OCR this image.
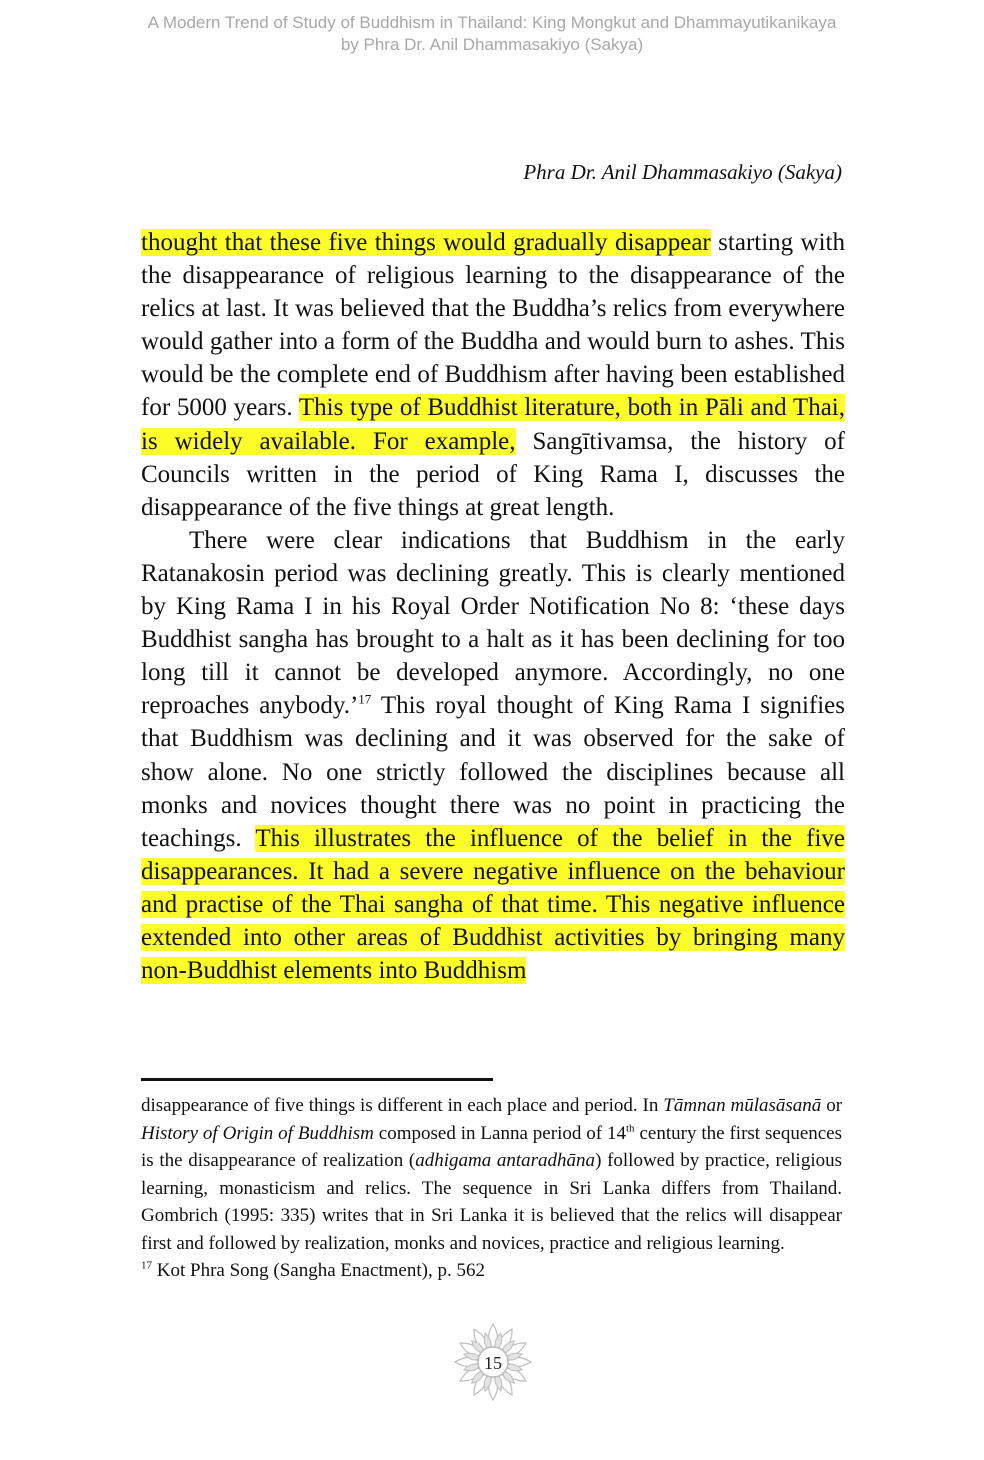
A Modern Trend of Study of Buddhism in Thailand: King Mongkut and Dhammayutikanikaya
by Phra Dr. Anil Dhammasakiyo (Sakya)
Phra Dr. Anil Dhammasakiyo (Sakya)

thought that these five things would gradually disappear starting with the disappearance of religious learning to the disappearance of the relics at last. It was believed that the Buddha’s relics from everywhere would gather into a form of the Buddha and would burn to ashes. This would be the complete end of Buddhism after having been established for 5000 years. This type of Buddhist literature, both in Pāli and Thai, is widely available. For example, Sangītivamsa, the history of Councils written in the period of King Rama I, discusses the disappearance of the five things at great length.

There were clear indications that Buddhism in the early Ratanakosin period was declining greatly. This is clearly mentioned by King Rama I in his Royal Order Notification No 8: ‘these days Buddhist sangha has brought to a halt as it has been declining for too long till it cannot be developed anymore. Accordingly, no one reproaches anybody.’$^{17}$ This royal thought of King Rama I signifies that Buddhism was declining and it was observed for the sake of show alone. No one strictly followed the disciplines because all monks and novices thought there was no point in practicing the teachings. This illustrates the influence of the belief in the five disappearances. It had a severe negative influence on the behaviour and practise of the Thai sangha of that time. This negative influence extended into other areas of Buddhist activities by bringing many non-Buddhist elements into Buddhism

disappearance of five things is different in each place and period. In Tāmnan mūlasāsanā or History of Origin of Buddhism composed in Lanna period of 14th century the first sequences is the disappearance of realization (adhigama antaradhāna) followed by practice, religious learning, monasticism and relics. The sequence in Sri Lanka differs from Thailand. Gombrich (1995: 335) writes that in Sri Lanka it is believed that the relics will disappear first and followed by realization, monks and novices, practice and religious learning.

$^{17}$ Kot Phra Song (Sangha Enactment), p. 562

15
